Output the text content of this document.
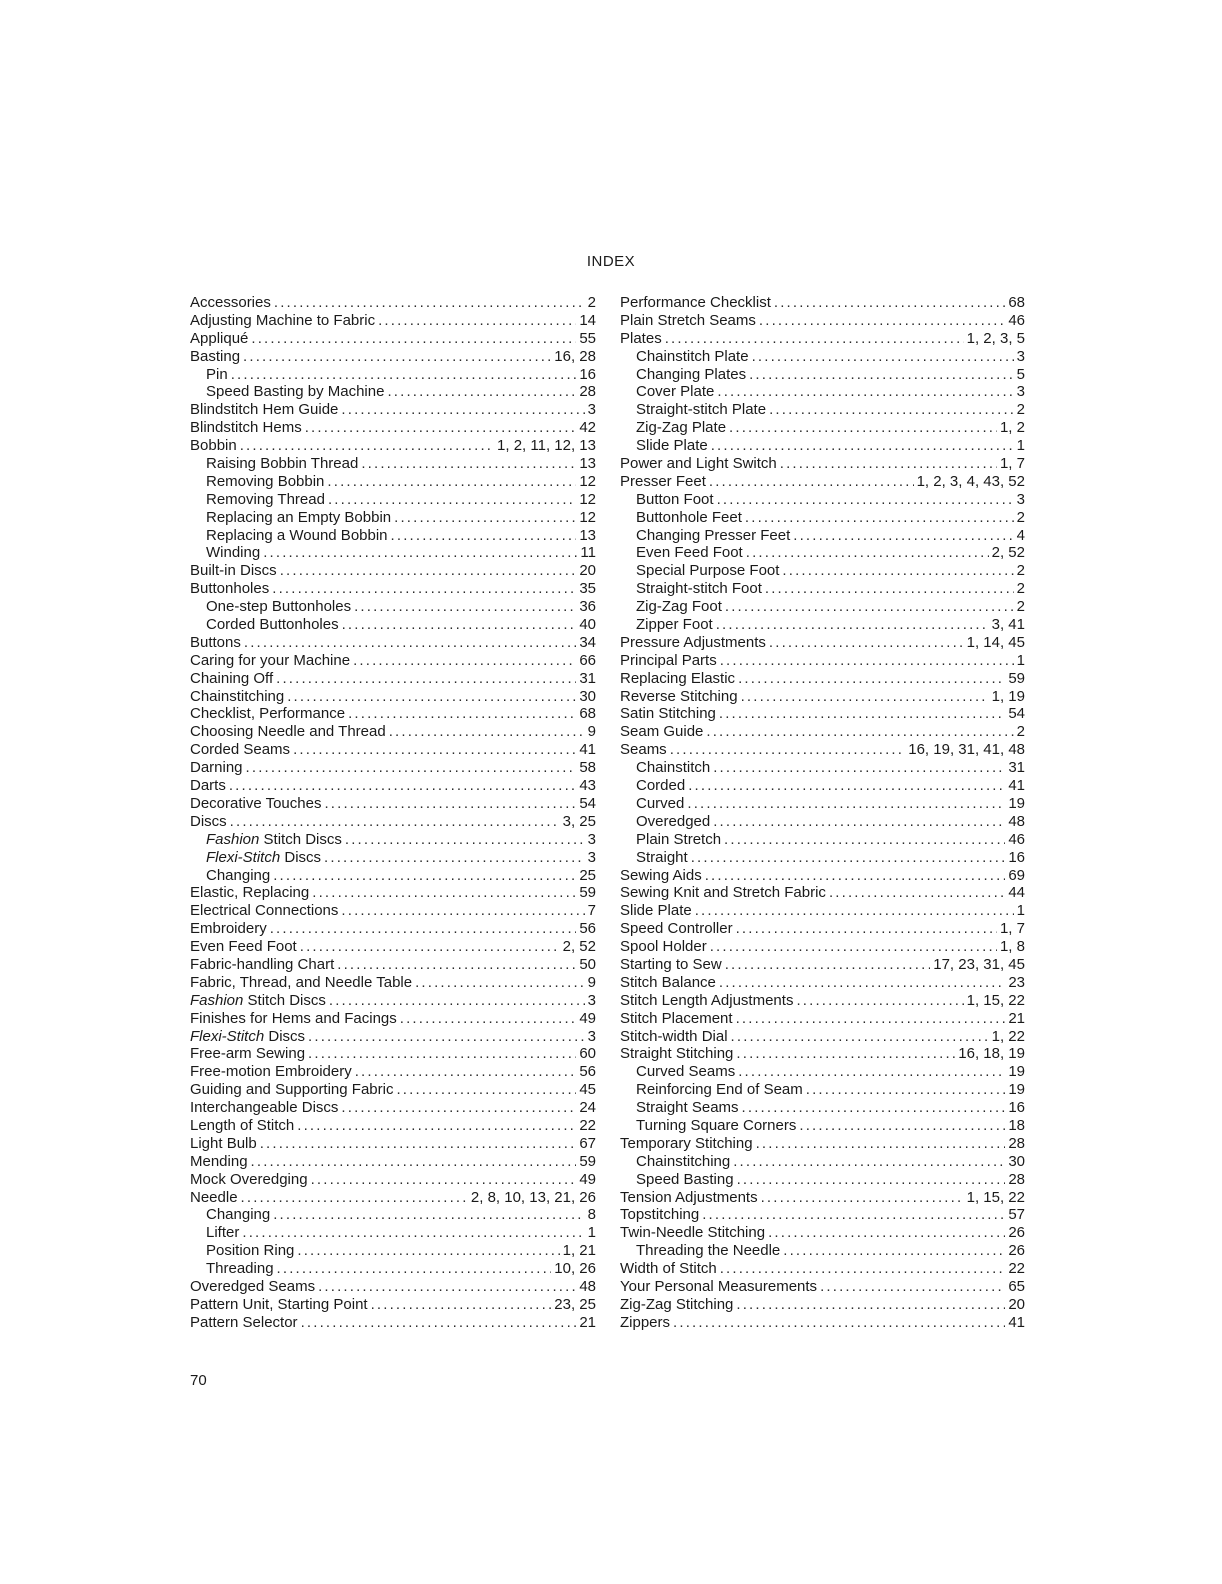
INDEX
Accessories . . .	2
Adjusting Machine to Fabric . . .	14
Appliqué . . .	55
Basting . . .	16, 28
Pin . . .	16
Speed Basting by Machine . . .	28
Blindstitch Hem Guide . . .	3
Blindstitch Hems . . .	42
Bobbin . . .	1, 2, 11, 12, 13
Raising Bobbin Thread . . .	13
Removing Bobbin . . .	12
Removing Thread . . .	12
Replacing an Empty Bobbin . . .	12
Replacing a Wound Bobbin . . .	13
Winding . . .	11
Built-in Discs . . .	20
Buttonholes . . .	35
One-step Buttonholes . . .	36
Corded Buttonholes . . .	40
Buttons . . .	34
Caring for your Machine . . .	66
Chaining Off . . .	31
Chainstitching . . .	30
Checklist, Performance . . .	68
Choosing Needle and Thread . . .	9
Corded Seams . . .	41
Darning . . .	58
Darts . . .	43
Decorative Touches . . .	54
Discs . . .	3, 25
Fashion Stitch Discs . . .	3
Flexi-Stitch Discs . . .	3
Changing . . .	25
Elastic, Replacing . . .	59
Electrical Connections . . .	7
Embroidery . . .	56
Even Feed Foot . . .	2, 52
Fabric-handling Chart . . .	50
Fabric, Thread, and Needle Table . . .	9
Fashion Stitch Discs . . .	3
Finishes for Hems and Facings . . .	49
Flexi-Stitch Discs . . .	3
Free-arm Sewing . . .	60
Free-motion Embroidery . . .	56
Guiding and Supporting Fabric . . .	45
Interchangeable Discs . . .	24
Length of Stitch . . .	22
Light Bulb . . .	67
Mending . . .	59
Mock Overedging . . .	49
Needle . . .	2, 8, 10, 13, 21, 26
Changing . . .	8
Lifter . . .	1
Position Ring . . .	1, 21
Threading . . .	10, 26
Overedged Seams . . .	48
Pattern Unit, Starting Point . . .	23, 25
Pattern Selector . . .	21
Performance Checklist . . .	68
Plain Stretch Seams . . .	46
Plates . . .	1, 2, 3, 5
Chainstitch Plate . . .	3
Changing Plates . . .	5
Cover Plate . . .	3
Straight-stitch Plate . . .	2
Zig-Zag Plate . . .	1, 2
Slide Plate . . .	1
Power and Light Switch . . .	1, 7
Presser Feet . . .	1, 2, 3, 4, 43, 52
Button Foot . . .	3
Buttonhole Feet . . .	2
Changing Presser Feet . . .	4
Even Feed Foot . . .	2, 52
Special Purpose Foot . . .	2
Straight-stitch Foot . . .	2
Zig-Zag Foot . . .	2
Zipper Foot . . .	3, 41
Pressure Adjustments . . .	1, 14, 45
Principal Parts . . .	1
Replacing Elastic . . .	59
Reverse Stitching . . .	1, 19
Satin Stitching . . .	54
Seam Guide . . .	2
Seams . . .	16, 19, 31, 41, 48
Chainstitch . . .	31
Corded . . .	41
Curved . . .	19
Overedged . . .	48
Plain Stretch . . .	46
Straight . . .	16
Sewing Aids . . .	69
Sewing Knit and Stretch Fabric . . .	44
Slide Plate . . .	1
Speed Controller . . .	1, 7
Spool Holder . . .	1, 8
Starting to Sew . . .	17, 23, 31, 45
Stitch Balance . . .	23
Stitch Length Adjustments . . .	1, 15, 22
Stitch Placement . . .	21
Stitch-width Dial . . .	1, 22
Straight Stitching . . .	16, 18, 19
Curved Seams . . .	19
Reinforcing End of Seam . . .	19
Straight Seams . . .	16
Turning Square Corners . . .	18
Temporary Stitching . . .	28
Chainstitching . . .	30
Speed Basting . . .	28
Tension Adjustments . . .	1, 15, 22
Topstitching . . .	57
Twin-Needle Stitching . . .	26
Threading the Needle . . .	26
Width of Stitch . . .	22
Your Personal Measurements . . .	65
Zig-Zag Stitching . . .	20
Zippers . . .	41
70
